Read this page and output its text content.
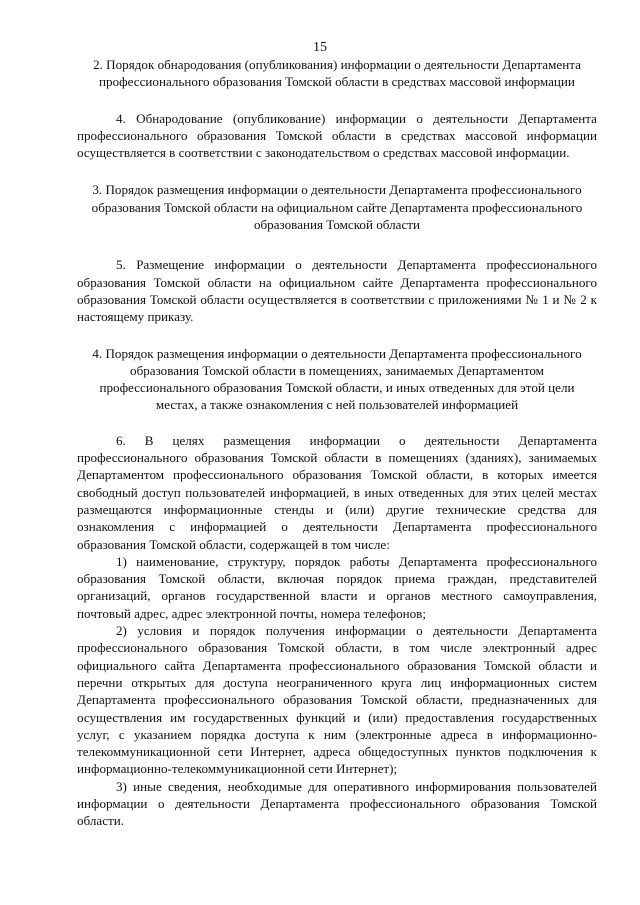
15

2. Порядок обнародования (опубликования) информации о деятельности Департамента профессионального образования Томской области в средствах массовой информации

4. Обнародование (опубликование) информации о деятельности Департамента профессионального образования Томской области в средствах массовой информации осуществляется в соответствии с законодательством о средствах массовой информации.

3. Порядок размещения информации о деятельности Департамента профессионального образования Томской области на официальном сайте Департамента профессионального образования Томской области

5. Размещение информации о деятельности Департамента профессионального образования Томской области на официальном сайте Департамента профессионального образования Томской области осуществляется в соответствии с приложениями № 1 и № 2 к настоящему приказу.

4. Порядок размещения информации о деятельности Департамента профессионального образования Томской области в помещениях, занимаемых Департаментом профессионального образования Томской области, и иных отведенных для этой цели местах, а также ознакомления с ней пользователей информацией

6. В целях размещения информации о деятельности Департамента профессионального образования Томской области в помещениях (зданиях), занимаемых Департаментом профессионального образования Томской области, в которых имеется свободный доступ пользователей информацией, в иных отведенных для этих целей местах размещаются информационные стенды и (или) другие технические средства для ознакомления с информацией о деятельности Департамента профессионального образования Томской области, содержащей в том числе:

1) наименование, структуру, порядок работы Департамента профессионального образования Томской области, включая порядок приема граждан, представителей организаций, органов государственной власти и органов местного самоуправления, почтовый адрес, адрес электронной почты, номера телефонов;

2) условия и порядок получения информации о деятельности Департамента профессионального образования Томской области, в том числе электронный адрес официального сайта Департамента профессионального образования Томской области и перечни открытых для доступа неограниченного круга лиц информационных систем Департамента профессионального образования Томской области, предназначенных для осуществления им государственных функций и (или) предоставления государственных услуг, с указанием порядка доступа к ним (электронные адреса в информационно-телекоммуникационной сети Интернет, адреса общедоступных пунктов подключения к информационно-телекоммуникационной сети Интернет);

3) иные сведения, необходимые для оперативного информирования пользователей информации о деятельности Департамента профессионального образования Томской области.
